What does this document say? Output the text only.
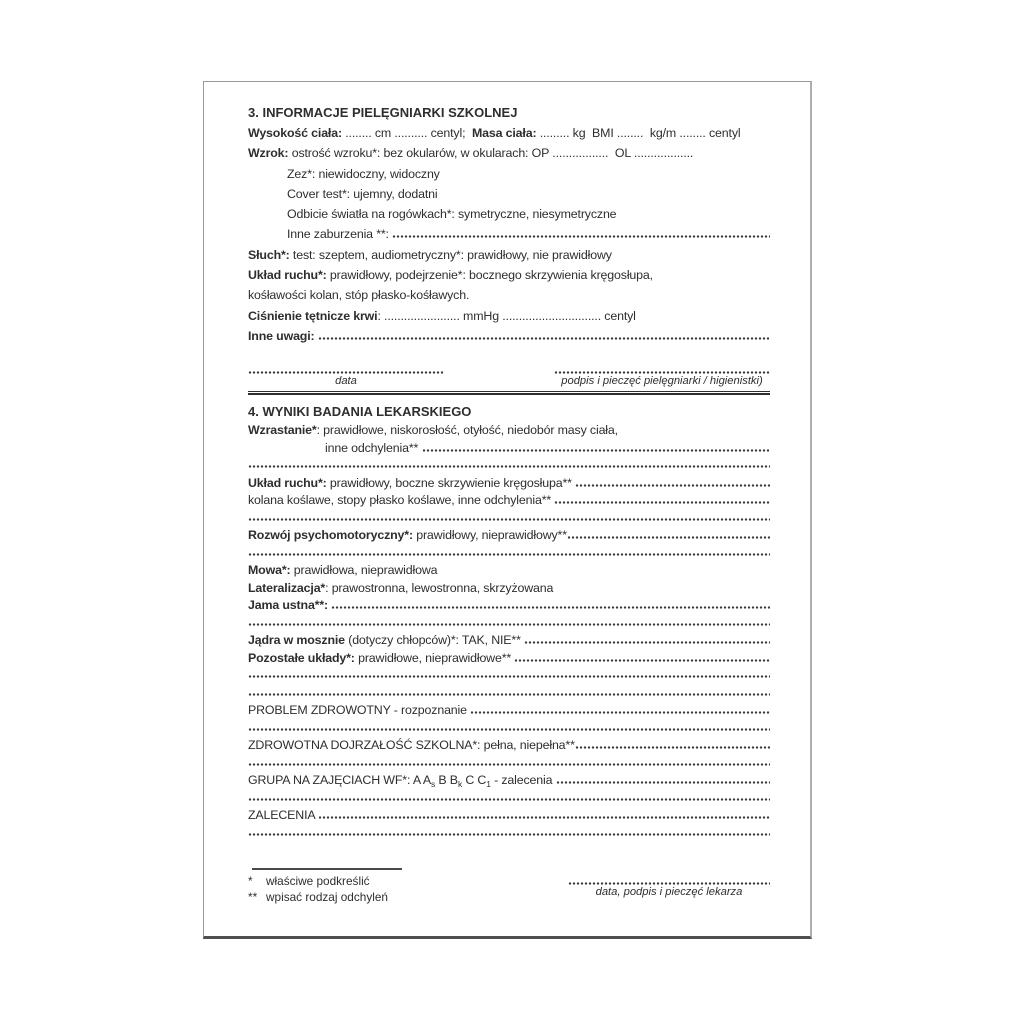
3. INFORMACJE PIELĘGNIARKI SZKOLNEJ
Wysokość ciała: ........ cm .......... centyl; Masa ciała: ......... kg  BMI ........  kg/m ........ centyl
Wzrok: ostrość wzroku*: bez okularów, w okularach: OP .................  OL ..................
Zez*: niewidoczny, widoczny
Cover test*: ujemny, dodatni
Odbicie światła na rogówkach*: symetryczne, niesymetryczne
Inne zaburzenia **:
Słuch*: test: szeptem, audiometryczny*: prawidłowy, nie prawidłowy
Układ ruchu*: prawidłowy, podejrzenie*: bocznego skrzywienia kręgosłupa,
kośławości kolan, stóp płasko-kośławych.
Ciśnienie tętnicze krwi : ....................... mmHg .............................. centyl
Inne uwagi:

data	podpis i pieczęć pielęgniarki / higienistki)
4. WYNIKI BADANIA LEKARSKIEGO
Wzrastanie* : prawidłowe, niskorosłość, otyłość, niedobór masy ciała,
inne odchylenia**
Układ ruchu*: prawidłowy, boczne skrzywienie kręgosłupa**
kolana koślawe, stopy płasko koślawe, inne odchylenia**
Rozwój psychomotoryczny*: prawidłowy, nieprawidłowy**
Mowa*: prawidłowa, nieprawidłowa
Lateralizacja* : prawostronna, lewostronna, skrzyżowana
Jama ustna**:

Jądra w mosznie (dotyczy chłopców)*: TAK, NIE**
Pozostałe układy*: prawidłowe, nieprawidłowe**
PROBLEM ZDROWOTNY - rozpoznanie
ZDROWOTNA DOJRZAŁOŚĆ SZKOLNA*: pełna, niepełna**
GRUPA NA ZAJĘCIACH WF*: A A s B B k C C 1 - zalecenia
ZALECENIA
*	właściwe podkreślić
** wpisać rodzaj odchyleń	data, podpis i pieczęć lekarza
